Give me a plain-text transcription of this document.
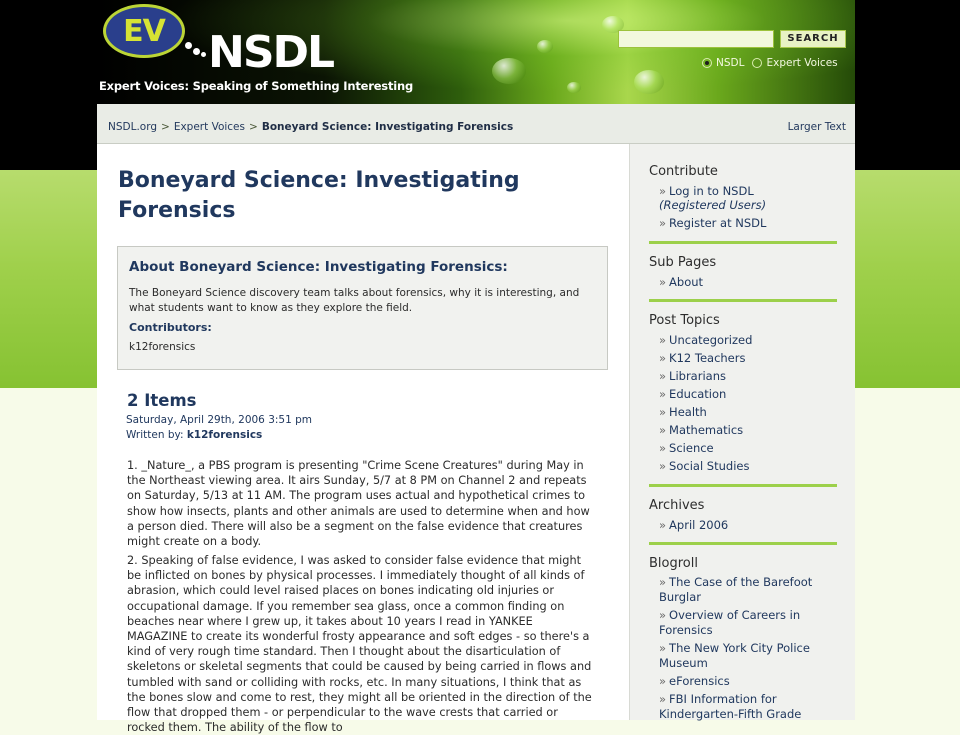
EV NSDL
Expert Voices: Speaking of Something Interesting
SEARCH
NSDL Expert Voices
NSDL.org > Expert Voices > Boneyard Science: Investigating Forensics	Larger Text
Boneyard Science: Investigating Forensics
About Boneyard Science: Investigating Forensics:
The Boneyard Science discovery team talks about forensics, why it is interesting, and what students want to know as they explore the field.
Contributors:
k12forensics
2 Items
Saturday, April 29th, 2006 3:51 pm
Written by: k12forensics
1. _Nature_, a PBS program is presenting "Crime Scene Creatures" during May in the Northeast viewing area. It airs Sunday, 5/7 at 8 PM on Channel 2 and repeats on Saturday, 5/13 at 11 AM. The program uses actual and hypothetical crimes to show how insects, plants and other animals are used to determine when and how a person died. There will also be a segment on the false evidence that creatures might create on a body.
2. Speaking of false evidence, I was asked to consider false evidence that might be inflicted on bones by physical processes. I immediately thought of all kinds of abrasion, which could level raised places on bones indicating old injuries or occupational damage. If you remember sea glass, once a common finding on beaches near where I grew up, it takes about 10 years I read in YANKEE MAGAZINE to create its wonderful frosty appearance and soft edges - so there's a kind of very rough time standard. Then I thought about the disarticulation of skeletons or skeletal segments that could be caused by being carried in flows and tumbled with sand or colliding with rocks, etc. In many situations, I think that as the bones slow and come to rest, they might all be oriented in the direction of the flow that dropped them - or perpendicular to the wave crests that carried or rocked them. The ability of the flow to
Contribute
» Log in to NSDL
(Registered Users)
» Register at NSDL
Sub Pages
» About
Post Topics
» Uncategorized
» K12 Teachers
» Librarians
» Education
» Health
» Mathematics
» Science
» Social Studies
Archives
» April 2006
Blogroll
» The Case of the Barefoot Burglar
» Overview of Careers in Forensics
» The New York City Police Museum
» eForensics
» FBI Information for Kindergarten-Fifth Grade
